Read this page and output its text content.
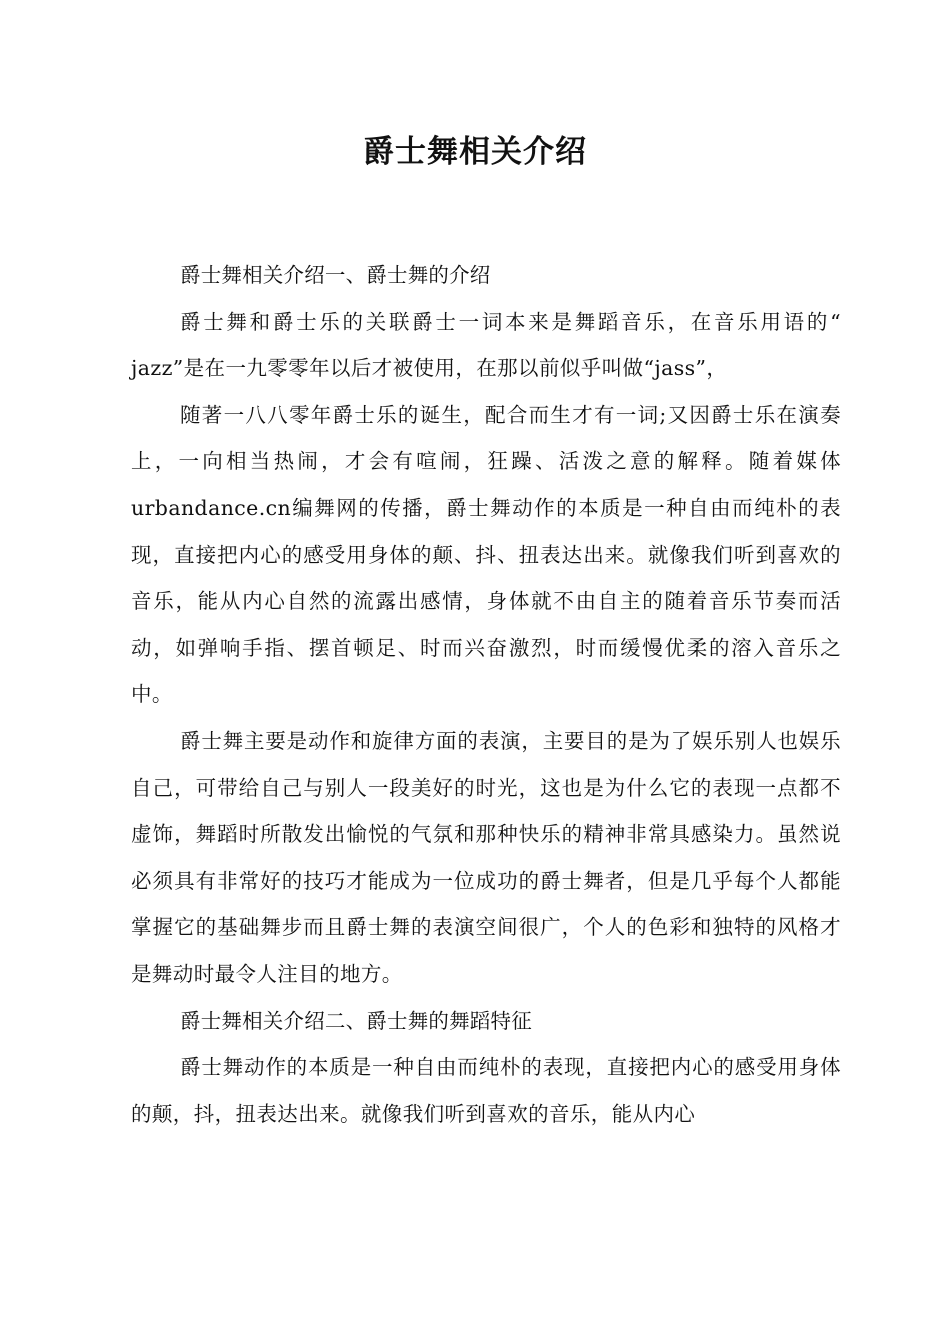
爵士舞相关介绍

爵士舞相关介绍一、爵士舞的介绍

爵士舞和爵士乐的关联爵士一词本来是舞蹈音乐，在音乐用语的“ jazz”是在一九零零年以后才被使用，在那以前似乎叫做“jass”，

随著一八八零年爵士乐的诞生，配合而生才有一词;又因爵士乐在演奏上，一向相当热闹，才会有喧闹，狂躁、活泼之意的解释。随着媒体urbandance.cn编舞网的传播，爵士舞动作的本质是一种自由而纯朴的表现，直接把内心的感受用身体的颠、抖、扭表达出来。就像我们听到喜欢的音乐，能从内心自然的流露出感情，身体就不由自主的随着音乐节奏而活动，如弹响手指、摆首顿足、时而兴奋激烈，时而缓慢优柔的溶入音乐之中。

爵士舞主要是动作和旋律方面的表演，主要目的是为了娱乐别人也娱乐自己，可带给自己与别人一段美好的时光，这也是为什么它的表现一点都不虚饰，舞蹈时所散发出愉悦的气氛和那种快乐的精神非常具感染力。虽然说必须具有非常好的技巧才能成为一位成功的爵士舞者，但是几乎每个人都能掌握它的基础舞步而且爵士舞的表演空间很广，个人的色彩和独特的风格才是舞动时最令人注目的地方。

爵士舞相关介绍二、爵士舞的舞蹈特征

爵士舞动作的本质是一种自由而纯朴的表现，直接把内心的感受用身体的颠，抖，扭表达出来。就像我们听到喜欢的音乐，能从内心
